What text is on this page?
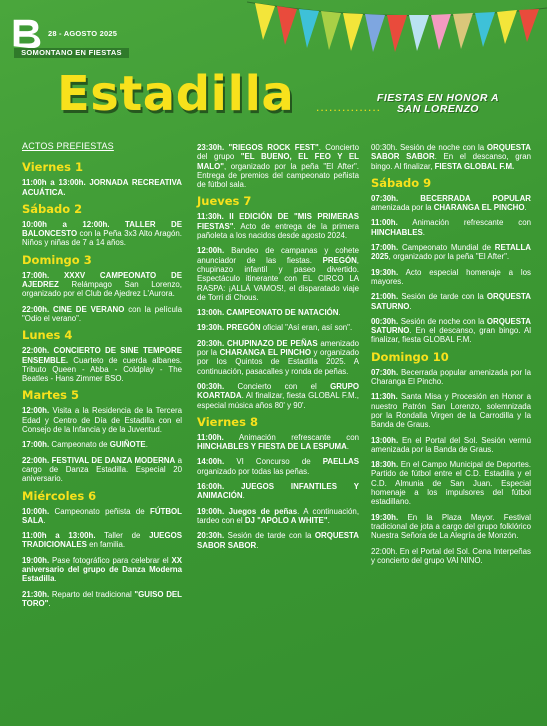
28 - AGOSTO 2025
SOMONTANO EN FIESTAS
Estadilla ...............
FIESTAS EN HONOR A
SAN LORENZO
ACTOS PREFIESTAS
Viernes 1
11:00h a 13:00h. JORNADA RECREATIVA ACUÁTICA.
Sábado 2
10:00h a 12:00h. TALLER DE BALONCESTO con la Peña 3x3 Alto Aragón. Niños y niñas de 7 a 14 años.
Domingo 3
17:00h. XXXV CAMPEONATO DE AJEDREZ Relámpago San Lorenzo, organizado por el Club de Ajedrez L'Aurora.
22:00h. CINE DE VERANO con la película "Odio el verano".
Lunes 4
22:00h. CONCIERTO DE SINE TEMPORE ENSEMBLE. Cuarteto de cuerda albanes. Tributo Queen - Abba - Coldplay - The Beatles - Hans Zimmer BSO.
Martes 5
12:00h. Visita a la Residencia de la Tercera Edad y Centro de Día de Estadilla con el Consejo de la Infancia y de la Juventud.
17:00h. Campeonato de GUIÑOTE.
22:00h. FESTIVAL DE DANZA MODERNA a cargo de Danza Estadilla. Especial 20 aniversario.
Miércoles 6
10:00h. Campeonato peñista de FÚTBOL SALA.
11:00h a 13:00h. Taller de JUEGOS TRADICIONALES en familia.
19:00h. Pase fotográfico para celebrar el XX aniversario del grupo de Danza Moderna Estadilla.
21:30h. Reparto del tradicional "GUISO DEL TORO".
23:30h. "RIEGOS ROCK FEST". Concierto del grupo "EL BUENO, EL FEO Y EL MALO", organizado por la peña "El After". Entrega de premios del campeonato peñista de fútbol sala.
Jueves 7
11:30h. II EDICIÓN DE "MIS PRIMERAS FIESTAS". Acto de entrega de la primera pañoleta a los nacidos desde agosto 2024.
12:00h. Bandeo de campanas y cohete anunciador de las fiestas. PREGÓN, chupinazo infantil y paseo divertido. Espectáculo itinerante con EL CIRCO LA RASPA: ¡ALLÁ VAMOS!, el disparatado viaje de Torri di Chous.
13:00h. CAMPEONATO DE NATACIÓN.
19:30h. PREGÓN oficial "Así eran, así son".
20:30h. CHUPINAZO DE PEÑAS amenizado por la CHARANGA EL PINCHO y organizado por los Quintos de Estadilla 2025. A continuación, pasacalles y ronda de peñas.
00:30h. Concierto con el GRUPO KOARTADA. Al finalizar, fiesta GLOBAL F.M., especial música años 80' y 90'.
Viernes 8
11:00h. Animación refrescante con HINCHABLES Y FIESTA DE LA ESPUMA.
14:00h. VI Concurso de PAELLAS organizado por todas las peñas.
16:00h. JUEGOS INFANTILES Y ANIMACIÓN.
19:00h. Juegos de peñas. A continuación, tardeo con el DJ "APOLO A WHITE".
20:30h. Sesión de tarde con la ORQUESTA SABOR SABOR.
00:30h. Sesión de noche con la ORQUESTA SABOR SABOR. En el descanso, gran bingo. Al finalizar, FIESTA GLOBAL F.M.
Sábado 9
07:30h. BECERRADA POPULAR amenizada por la CHARANGA EL PINCHO.
11:00h. Animación refrescante con HINCHABLES.
17:00h. Campeonato Mundial de RETALLA 2025, organizado por la peña "El After".
19:30h. Acto especial homenaje a los mayores.
21:00h. Sesión de tarde con la ORQUESTA SATURNO.
00:30h. Sesión de noche con la ORQUESTA SATURNO. En el descanso, gran bingo. Al finalizar, fiesta GLOBAL F.M.
Domingo 10
07:30h. Becerrada popular amenizada por la Charanga El Pincho.
11:30h. Santa Misa y Procesión en Honor a nuestro Patrón San Lorenzo, solemnizada por la Rondalla Virgen de la Carrodilla y la Banda de Graus.
13:00h. En el Portal del Sol. Sesión vermú amenizada por la Banda de Graus.
18:30h. En el Campo Municipal de Deportes. Partido de fútbol entre el C.D. Estadilla y el C.D. Almunia de San Juan. Especial homenaje a los impulsores del fútbol estadillano.
19:30h. En la Plaza Mayor. Festival tradicional de jota a cargo del grupo folklórico Nuestra Señora de La Alegría de Monzón.
22:00h. En el Portal del Sol. Cena Interpeñas y concierto del grupo VAI NINO.
